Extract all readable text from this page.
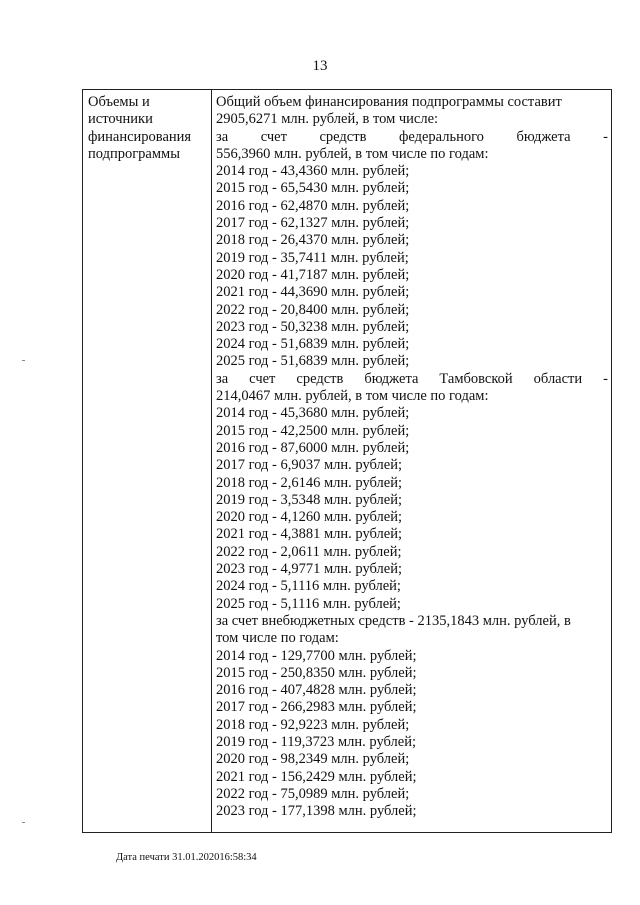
13
Объемы и
источники
финансирования
подпрограммы
Общий объем финансирования подпрограммы составит
2905,6271 млн. рублей, в том числе:
за счет средств федерального бюджета -
556,3960 млн. рублей, в том числе по годам:
2014 год - 43,4360 млн. рублей;
2015 год - 65,5430 млн. рублей;
2016 год - 62,4870 млн. рублей;
2017 год - 62,1327 млн. рублей;
2018 год - 26,4370 млн. рублей;
2019 год - 35,7411 млн. рублей;
2020 год - 41,7187 млн. рублей;
2021 год - 44,3690 млн. рублей;
2022 год - 20,8400 млн. рублей;
2023 год - 50,3238 млн. рублей;
2024 год - 51,6839 млн. рублей;
2025 год - 51,6839 млн. рублей;
за счет средств бюджета Тамбовской области -
214,0467 млн. рублей, в том числе по годам:
2014 год - 45,3680 млн. рублей;
2015 год - 42,2500 млн. рублей;
2016 год - 87,6000 млн. рублей;
2017 год - 6,9037 млн. рублей;
2018 год - 2,6146 млн. рублей;
2019 год - 3,5348 млн. рублей;
2020 год - 4,1260 млн. рублей;
2021 год - 4,3881 млн. рублей;
2022 год - 2,0611 млн. рублей;
2023 год - 4,9771 млн. рублей;
2024 год - 5,1116 млн. рублей;
2025 год - 5,1116 млн. рублей;
за счет внебюджетных средств - 2135,1843 млн. рублей, в
том числе по годам:
2014 год - 129,7700 млн. рублей;
2015 год - 250,8350 млн. рублей;
2016 год - 407,4828 млн. рублей;
2017 год - 266,2983 млн. рублей;
2018 год - 92,9223 млн. рублей;
2019 год - 119,3723 млн. рублей;
2020 год - 98,2349 млн. рублей;
2021 год - 156,2429 млн. рублей;
2022 год - 75,0989 млн. рублей;
2023 год - 177,1398 млн. рублей;
Дата печати 31.01.202016:58:34
